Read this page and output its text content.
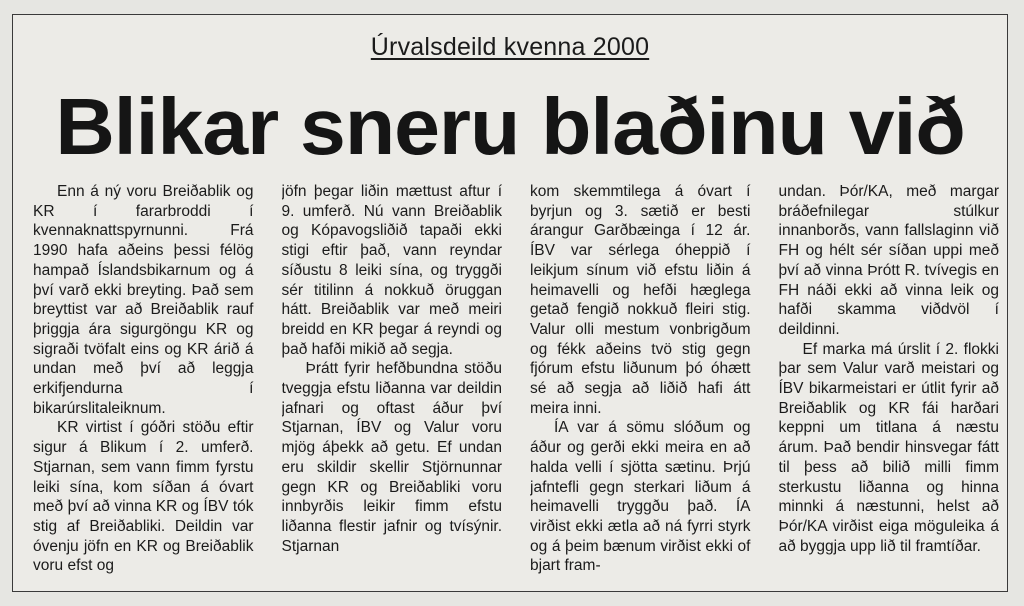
Úrvalsdeild kvenna 2000
Blikar sneru blaðinu við

Enn á ný voru Breiðablik og KR í fararbroddi í kvennaknattspyrnunni. Frá 1990 hafa aðeins þessi félög hampað Íslandsbikarnum og á því varð ekki breyting. Það sem breyttist var að Breiðablik rauf þriggja ára sigurgöngu KR og sigraði tvöfalt eins og KR árið á undan með því að leggja erkifjendurna í bikarúrslitaleiknum.

KR virtist í góðri stöðu eftir sigur á Blikum í 2. umferð. Stjarnan, sem vann fimm fyrstu leiki sína, kom síðan á óvart með því að vinna KR og ÍBV tók stig af Breiðabliki. Deildin var óvenju jöfn en KR og Breiðablik voru efst og

jöfn þegar liðin mættust aftur í 9. umferð. Nú vann Breiðablik og Kópavogsliðið tapaði ekki stigi eftir það, vann reyndar síðustu 8 leiki sína, og tryggði sér titilinn á nokkuð öruggan hátt. Breiðablik var með meiri breidd en KR þegar á reyndi og það hafði mikið að segja.

Þrátt fyrir hefðbundna stöðu tveggja efstu liðanna var deildin jafnari og oftast áður því Stjarnan, ÍBV og Valur voru mjög áþekk að getu. Ef undan eru skildir skellir Stjörnunnar gegn KR og Breiðabliki voru innbyrðis leikir fimm efstu liðanna flestir jafnir og tvísýnir. Stjarnan

kom skemmtilega á óvart í byrjun og 3. sætið er besti árangur Garðbæinga í 12 ár. ÍBV var sérlega óheppið í leikjum sínum við efstu liðin á heimavelli og hefði hæglega getað fengið nokkuð fleiri stig. Valur olli mestum vonbrigðum og fékk aðeins tvö stig gegn fjórum efstu liðunum þó óhætt sé að segja að liðið hafi átt meira inni.

ÍA var á sömu slóðum og áður og gerði ekki meira en að halda velli í sjötta sætinu. Þrjú jafntefli gegn sterkari liðum á heimavelli tryggðu það. ÍA virðist ekki ætla að ná fyrri styrk og á þeim bænum virðist ekki of bjart fram-

undan. Þór/KA, með margar bráðefnilegar stúlkur innanborðs, vann fallslaginn við FH og hélt sér síðan uppi með því að vinna Þrótt R. tvívegis en FH náði ekki að vinna leik og hafði skamma viðdvöl í deildinni.

Ef marka má úrslit í 2. flokki þar sem Valur varð meistari og ÍBV bikarmeistari er útlit fyrir að Breiðablik og KR fái harðari keppni um titlana á næstu árum. Það bendir hinsvegar fátt til þess að bilið milli fimm sterkustu liðanna og hinna minnki á næstunni, helst að Þór/KA virðist eiga möguleika á að byggja upp lið til framtíðar.
